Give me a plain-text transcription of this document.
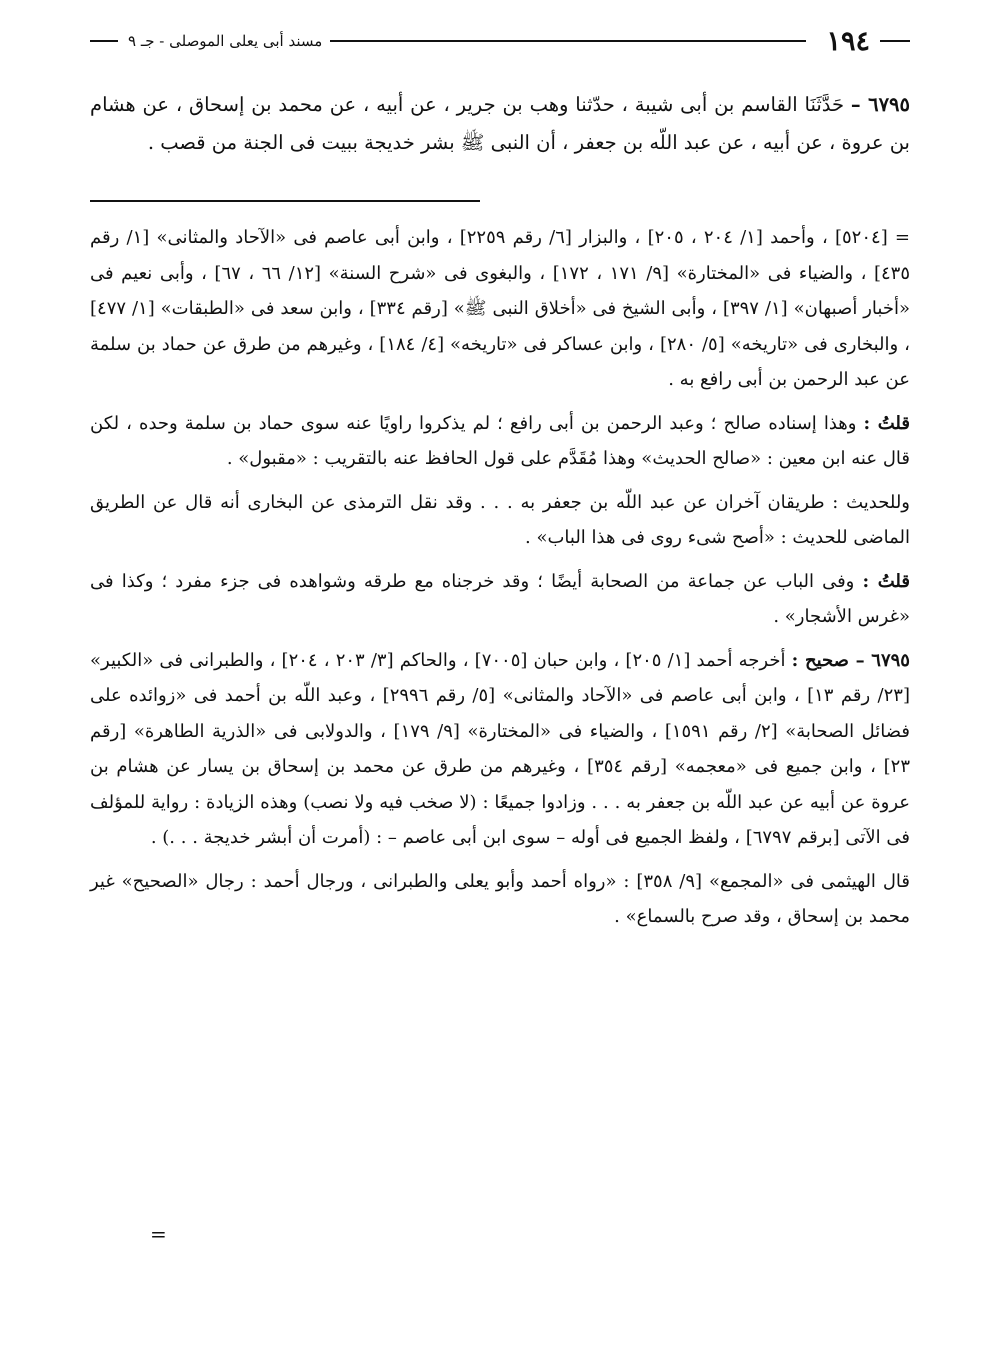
١٩٤
مسند أبى يعلى الموصلى - جـ ٩
٦٧٩٥ – حَدَّثَنَا القاسم بن أبى شيبة ، حدّثنا وهب بن جرير ، عن أبيه ، عن محمد بن إسحاق ، عن هشام بن عروة ، عن أبيه ، عن عبد اللّه بن جعفر ، أن النبى ﷺ بشر خديجة ببيت فى الجنة من قصب .

= [٥٢٠٤] ، وأحمد [١/ ٢٠٤ ، ٢٠٥] ، والبزار [٦/ رقم ٢٢٥٩] ، وابن أبى عاصم فى «الآحاد والمثانى» [١/ رقم ٤٣٥] ، والضياء فى «المختارة» [٩/ ١٧١ ، ١٧٢] ، والبغوى فى «شرح السنة» [١٢/ ٦٦ ، ٦٧] ، وأبى نعيم فى «أخبار أصبهان» [١/ ٣٩٧] ، وأبى الشيخ فى «أخلاق النبى ﷺ» [رقم ٣٣٤] ، وابن سعد فى «الطبقات» [١/ ٤٧٧] ، والبخارى فى «تاريخه» [٥/ ٢٨٠] ، وابن عساكر فى «تاريخه» [٤/ ١٨٤] ، وغيرهم من طرق عن حماد بن سلمة عن عبد الرحمن بن أبى رافع به .

قلتُ : وهذا إسناده صالح ؛ وعبد الرحمن بن أبى رافع ؛ لم يذكروا راويًا عنه سوى حماد بن سلمة وحده ، لكن قال عنه ابن معين : «صالح الحديث» وهذا مُقَدَّم على قول الحافظ عنه بالتقريب : «مقبول» .

وللحديث : طريقان آخران عن عبد اللّه بن جعفر به . . . وقد نقل الترمذى عن البخارى أنه قال عن الطريق الماضى للحديث : «أصح شىء روى فى هذا الباب» .

قلتُ : وفى الباب عن جماعة من الصحابة أيضًا ؛ وقد خرجناه مع طرقه وشواهده فى جزء مفرد ؛ وكذا فى «غرس الأشجار» .

٦٧٩٥ – صحيح : أخرجه أحمد [١/ ٢٠٥] ، وابن حبان [٧٠٠٥] ، والحاكم [٣/ ٢٠٣ ، ٢٠٤] ، والطبرانى فى «الكبير» [٢٣/ رقم ١٣] ، وابن أبى عاصم فى «الآحاد والمثانى» [٥/ رقم ٢٩٩٦] ، وعبد اللّه بن أحمد فى «زوائده على فضائل الصحابة» [٢/ رقم ١٥٩١] ، والضياء فى «المختارة» [٩/ ١٧٩] ، والدولابى فى «الذرية الطاهرة» [رقم ٢٣] ، وابن جميع فى «معجمه» [رقم ٣٥٤] ، وغيرهم من طرق عن محمد بن إسحاق بن يسار عن هشام بن عروة عن أبيه عن عبد اللّه بن جعفر به . . . وزادوا جميعًا : (لا صخب فيه ولا نصب) وهذه الزيادة : رواية للمؤلف فى الآتى [برقم ٦٧٩٧] ، ولفظ الجميع فى أوله – سوى ابن أبى عاصم – : (أمرت أن أبشر خديجة . . .) .

قال الهيثمى فى «المجمع» [٩/ ٣٥٨] : «رواه أحمد وأبو يعلى والطبرانى ، ورجال أحمد : رجال «الصحيح» غير محمد بن إسحاق ، وقد صرح بالسماع» .

=
